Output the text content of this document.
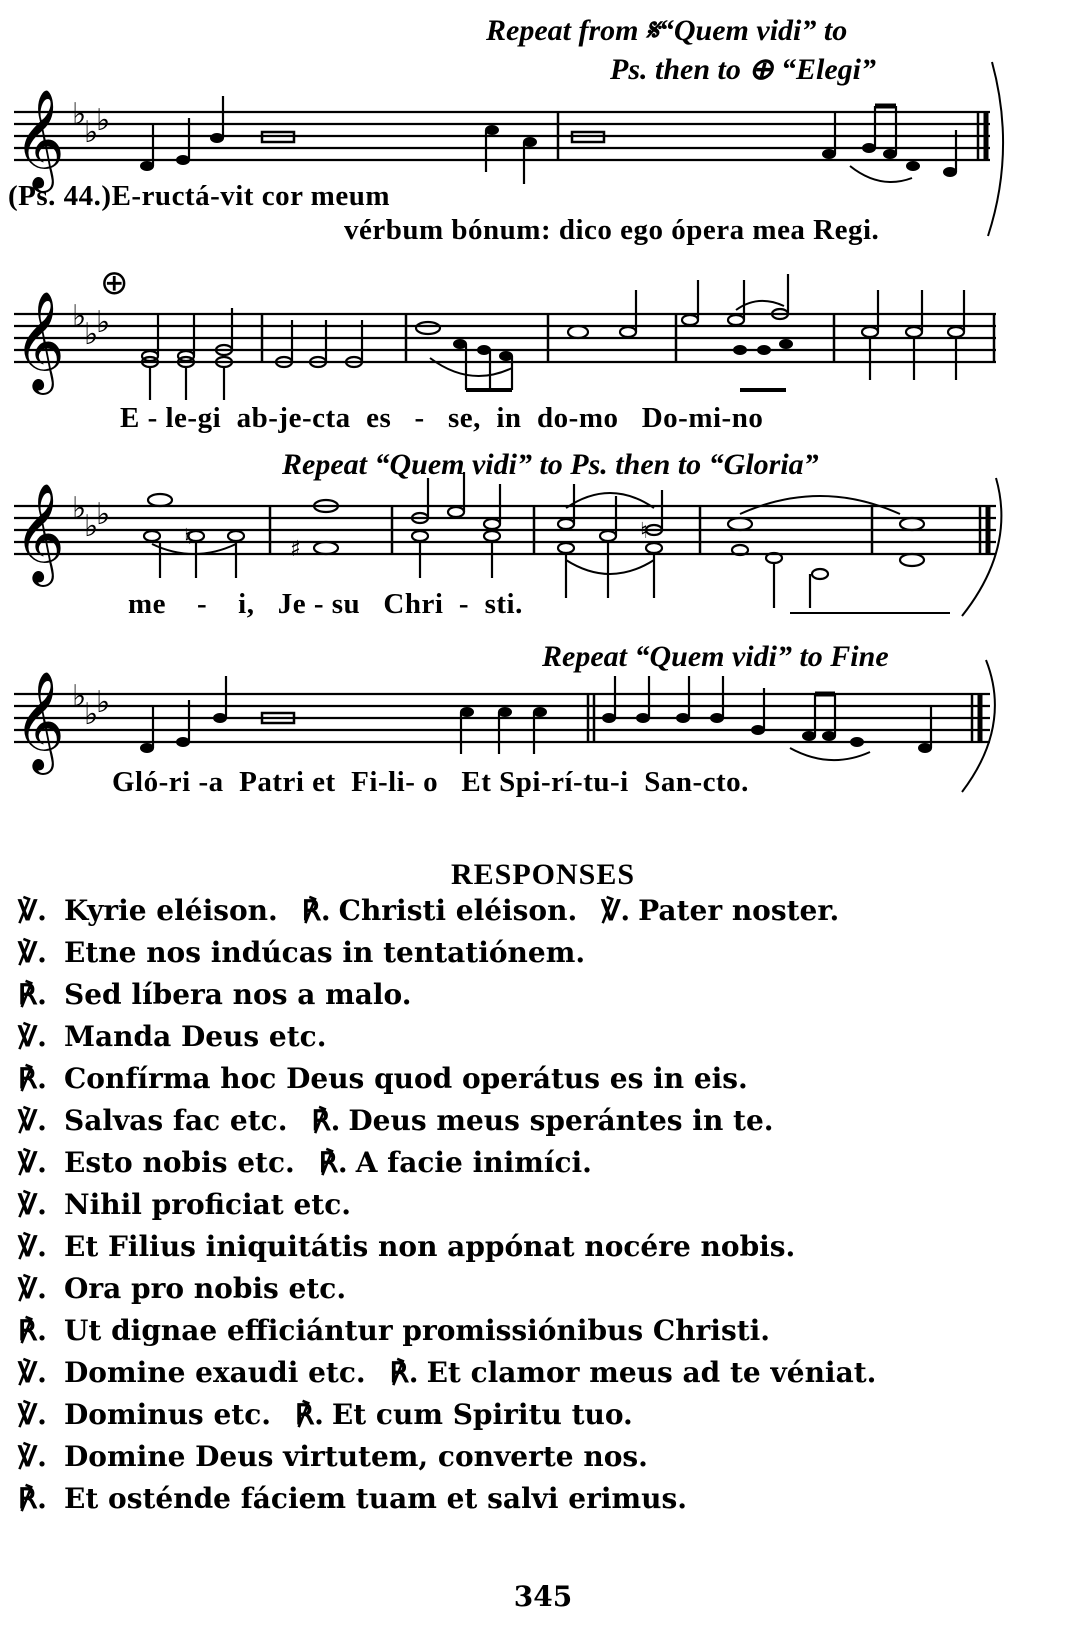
Repeat from 𝄋“Quem vidi” to
Ps. then to ⊕ “Elegi”
𝄞 ♭
♭
♭
(Ps. 44.)E-ructá-vit cor meum
vérbum bónum: dico ego ópera mea Regi.
⊕
𝄞 ♭
♭
♭
E - le-gi  ab-je-cta  es   -   se,  in  do-mo   Do-mi-no
Repeat “Quem vidi” to Ps. then to “Gloria”
𝄞 ♭
♭
♭
♯
♮	♮
me    -    i,   Je - su   Chri  -  sti.
Repeat “Quem vidi” to Fine
𝄞 ♭
♭
♭
Gló-ri -a  Patri et  Fi-li- o   Et Spi-rí-tu-i  San-cto.
RESPONSES
℣. Kyrie eléison. ℟. Christi eléison. ℣. Pater noster.
℣. Etne nos indúcas in tentatiónem.
℟. Sed líbera nos a malo.
℣. Manda Deus etc.
℟. Confírma hoc Deus quod operátus es in eis.
℣. Salvas fac etc. ℟. Deus meus sperántes in te.
℣. Esto nobis etc. ℟. A facie inimíci.
℣. Nihil proficiat etc.
℣. Et Filius iniquitátis non appónat nocére nobis.
℣. Ora pro nobis etc.
℟. Ut dignae efficiántur promissiónibus Christi.
℣. Domine exaudi etc. ℟. Et clamor meus ad te véniat.
℣. Dominus etc. ℟. Et cum Spiritu tuo.
℣. Domine Deus virtutem, converte nos.
℟. Et osténde fáciem tuam et salvi erimus.
345
